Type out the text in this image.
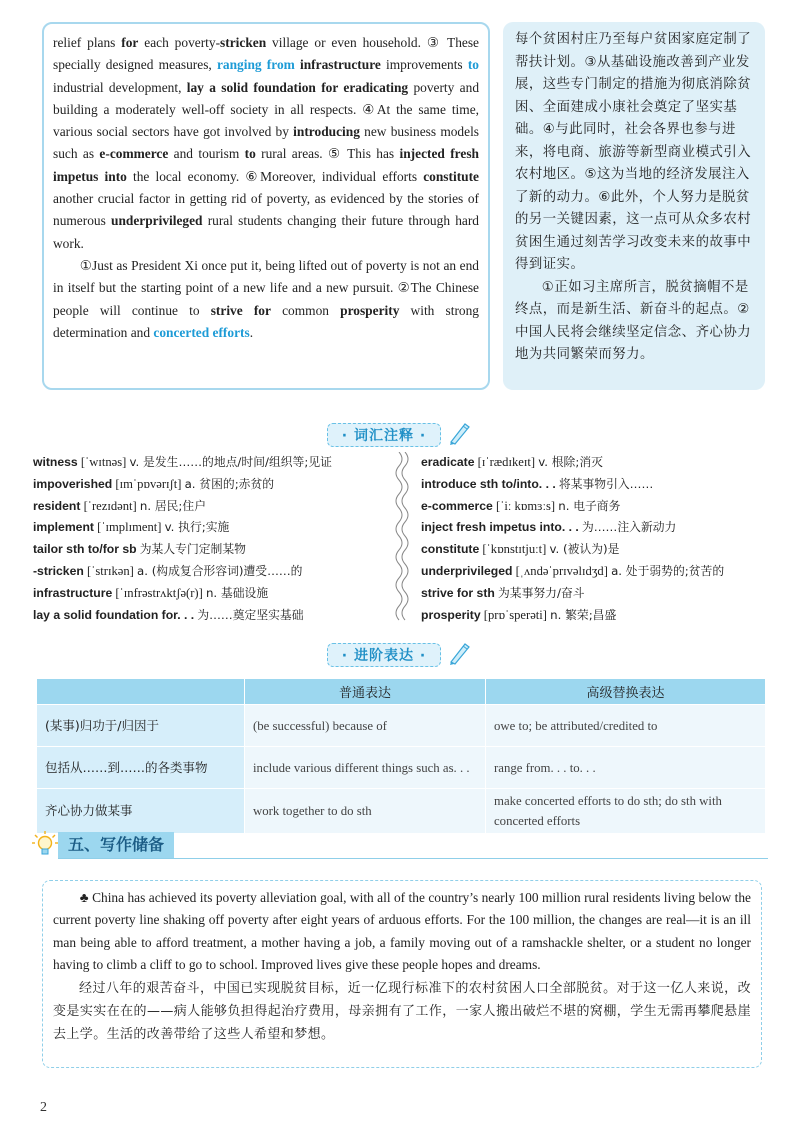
relief plans for each poverty-stricken village or even household. ③ These specially designed measures, ranging from infrastructure improvements to industrial development, lay a solid foundation for eradicating poverty and building a moderately well-off society in all respects. ④At the same time, various social sectors have got involved by introducing new business models such as e-commerce and tourism to rural areas. ⑤ This has injected fresh impetus into the local economy. ⑥Moreover, individual efforts constitute another crucial factor in getting rid of poverty, as evidenced by the stories of numerous underprivileged rural students changing their future through hard work.

①Just as President Xi once put it, being lifted out of poverty is not an end in itself but the starting point of a new life and a new pursuit. ②The Chinese people will continue to strive for common prosperity with strong determination and concerted efforts.

每个贫困村庄乃至每户贫困家庭定制了帮扶计划。③从基础设施改善到产业发展，这些专门制定的措施为彻底消除贫困、全面建成小康社会奠定了坚实基础。④与此同时，社会各界也参与进来，将电商、旅游等新型商业模式引入农村地区。⑤这为当地的经济发展注入了新的动力。⑥此外，个人努力是脱贫的另一关键因素，这一点可从众多农村贫困生通过刻苦学习改变未来的故事中得到证实。

①正如习主席所言，脱贫摘帽不是终点，而是新生活、新奋斗的起点。②中国人民将会继续坚定信念、齐心协力地为共同繁荣而努力。

· 词汇注释 ·
witness [ˈwɪtnəs] v. 是发生……的地点/时间/组织等;见证
impoverished [ɪmˈpɒvərɪʃt] a. 贫困的;赤贫的
resident [ˈrezɪdənt] n. 居民;住户
implement [ˈɪmplɪment] v. 执行;实施
tailor sth to/for sb 为某人专门定制某物
-stricken [ˈstrɪkən] a. (构成复合形容词)遭受……的
infrastructure [ˈɪnfrəstrʌktʃə(r)] n. 基础设施
lay a solid foundation for. . . 为……奠定坚实基础
eradicate [ɪˈrædɪkeɪt] v. 根除;消灭
introduce sth to/into. . . 将某事物引入……
e-commerce [ˈiː kɒmɜːs] n. 电子商务
inject fresh impetus into. . . 为……注入新动力
constitute [ˈkɒnstɪtjuːt] v. (被认为)是
underprivileged [ˌʌndəˈprɪvəlɪdʒd] a. 处于弱势的;贫苦的
strive for sth 为某事努力/奋斗
prosperity [prɒˈsperəti] n. 繁荣;昌盛
· 进阶表达 ·
	普通表达	高级替换表达
(某事)归功于/归因于	(be successful) because of	owe to; be attributed/credited to
包括从……到……的各类事物	include various different things such as. . .	range from. . . to. . .
齐心协力做某事	work together to do sth	make concerted efforts to do sth; do sth with concerted efforts
五、写作储备

♣ China has achieved its poverty alleviation goal, with all of the country’s nearly 100 million rural residents living below the current poverty line shaking off poverty after eight years of arduous efforts. For the 100 million, the changes are real—it is an ill man being able to afford treatment, a mother having a job, a family moving out of a ramshackle shelter, or a student no longer having to climb a cliff to go to school. Improved lives give these people hopes and dreams.

经过八年的艰苦奋斗，中国已实现脱贫目标，近一亿现行标准下的农村贫困人口全部脱贫。对于这一亿人来说，改变是实实在在的——病人能够负担得起治疗费用，母亲拥有了工作，一家人搬出破烂不堪的窝棚，学生无需再攀爬悬崖去上学。生活的改善带给了这些人希望和梦想。

2
